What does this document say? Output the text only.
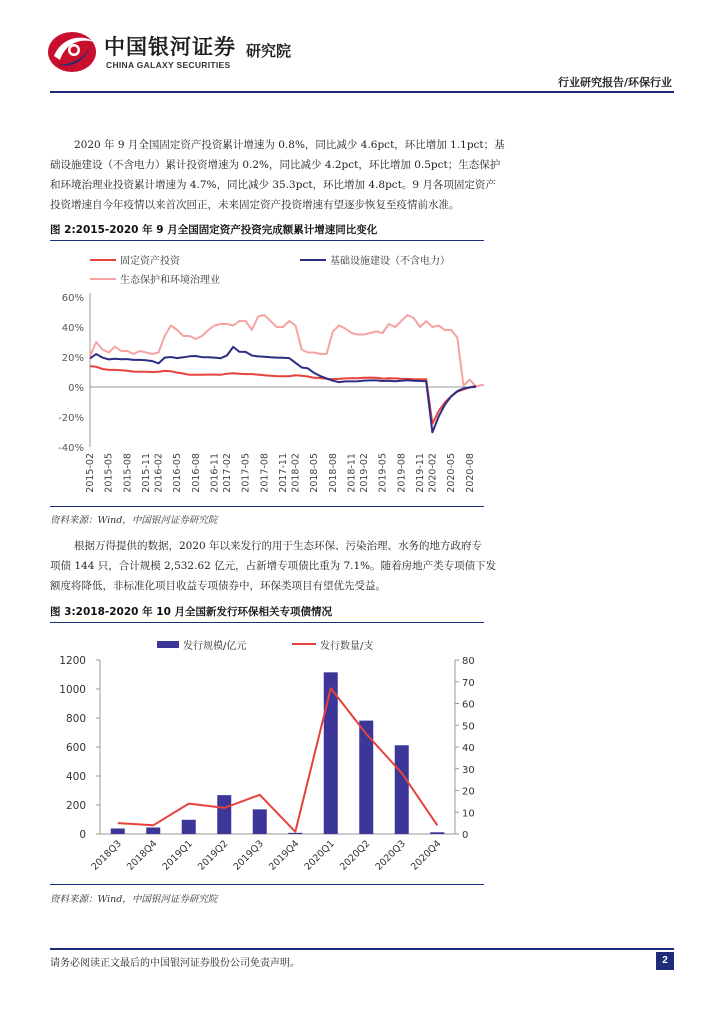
中国银河证券
CHINA GALAXY SECURITIES
研究院
行业研究报告/环保行业

2020 年 9 月全国固定资产投资累计增速为 0.8%，同比减少 4.6pct，环比增加 1.1pct；基

础设施建设（不含电力）累计投资增速为 0.2%，同比减少 4.2pct，环比增加 0.5pct；生态保护

和环境治理业投资累计增速为 4.7%，同比减少 35.3pct，环比增加 4.8pct。9 月各项固定资产

投资增速自今年疫情以来首次回正，未来固定资产投资增速有望逐步恢复至疫情前水准。

图 2:2015-2020 年 9 月全国固定资产投资完成额累计增速同比变化
固定资产投资	基础设施建设（不含电力）
生态保护和环境治理业
60%
40%
20%
0%
-20%
-40%
2015-02 2015-05 2015-08 2015-11 2016-02 2016-05 2016-08 2016-11 2017-02 2017-05 2017-08 2017-11 2018-02 2018-05 2018-08 2018-11 2019-02 2019-05 2019-08 2019-11 2020-02 2020-05 2020-08
资料来源：Wind，中国银河证券研究院

根据万得提供的数据，2020 年以来发行的用于生态环保、污染治理、水务的地方政府专

项债 144 只，合计规模 2,532.62 亿元，占新增专项债比重为 7.1%。随着房地产类专项债下发

额度将降低，非标准化项目收益专项债券中，环保类项目有望优先受益。

图 3:2018-2020 年 10 月全国新发行环保相关专项债情况
发行规模/亿元	发行数量/支
0
200
400
600
800
1000
1200
0
10
20
30
40
50
60
70
80
2018Q3 2018Q4 2019Q1 2019Q2 2019Q3 2019Q4 2020Q1 2020Q2 2020Q3 2020Q4
资料来源：Wind，中国银河证券研究院
请务必阅读正文最后的中国银河证券股份公司免责声明。	2
